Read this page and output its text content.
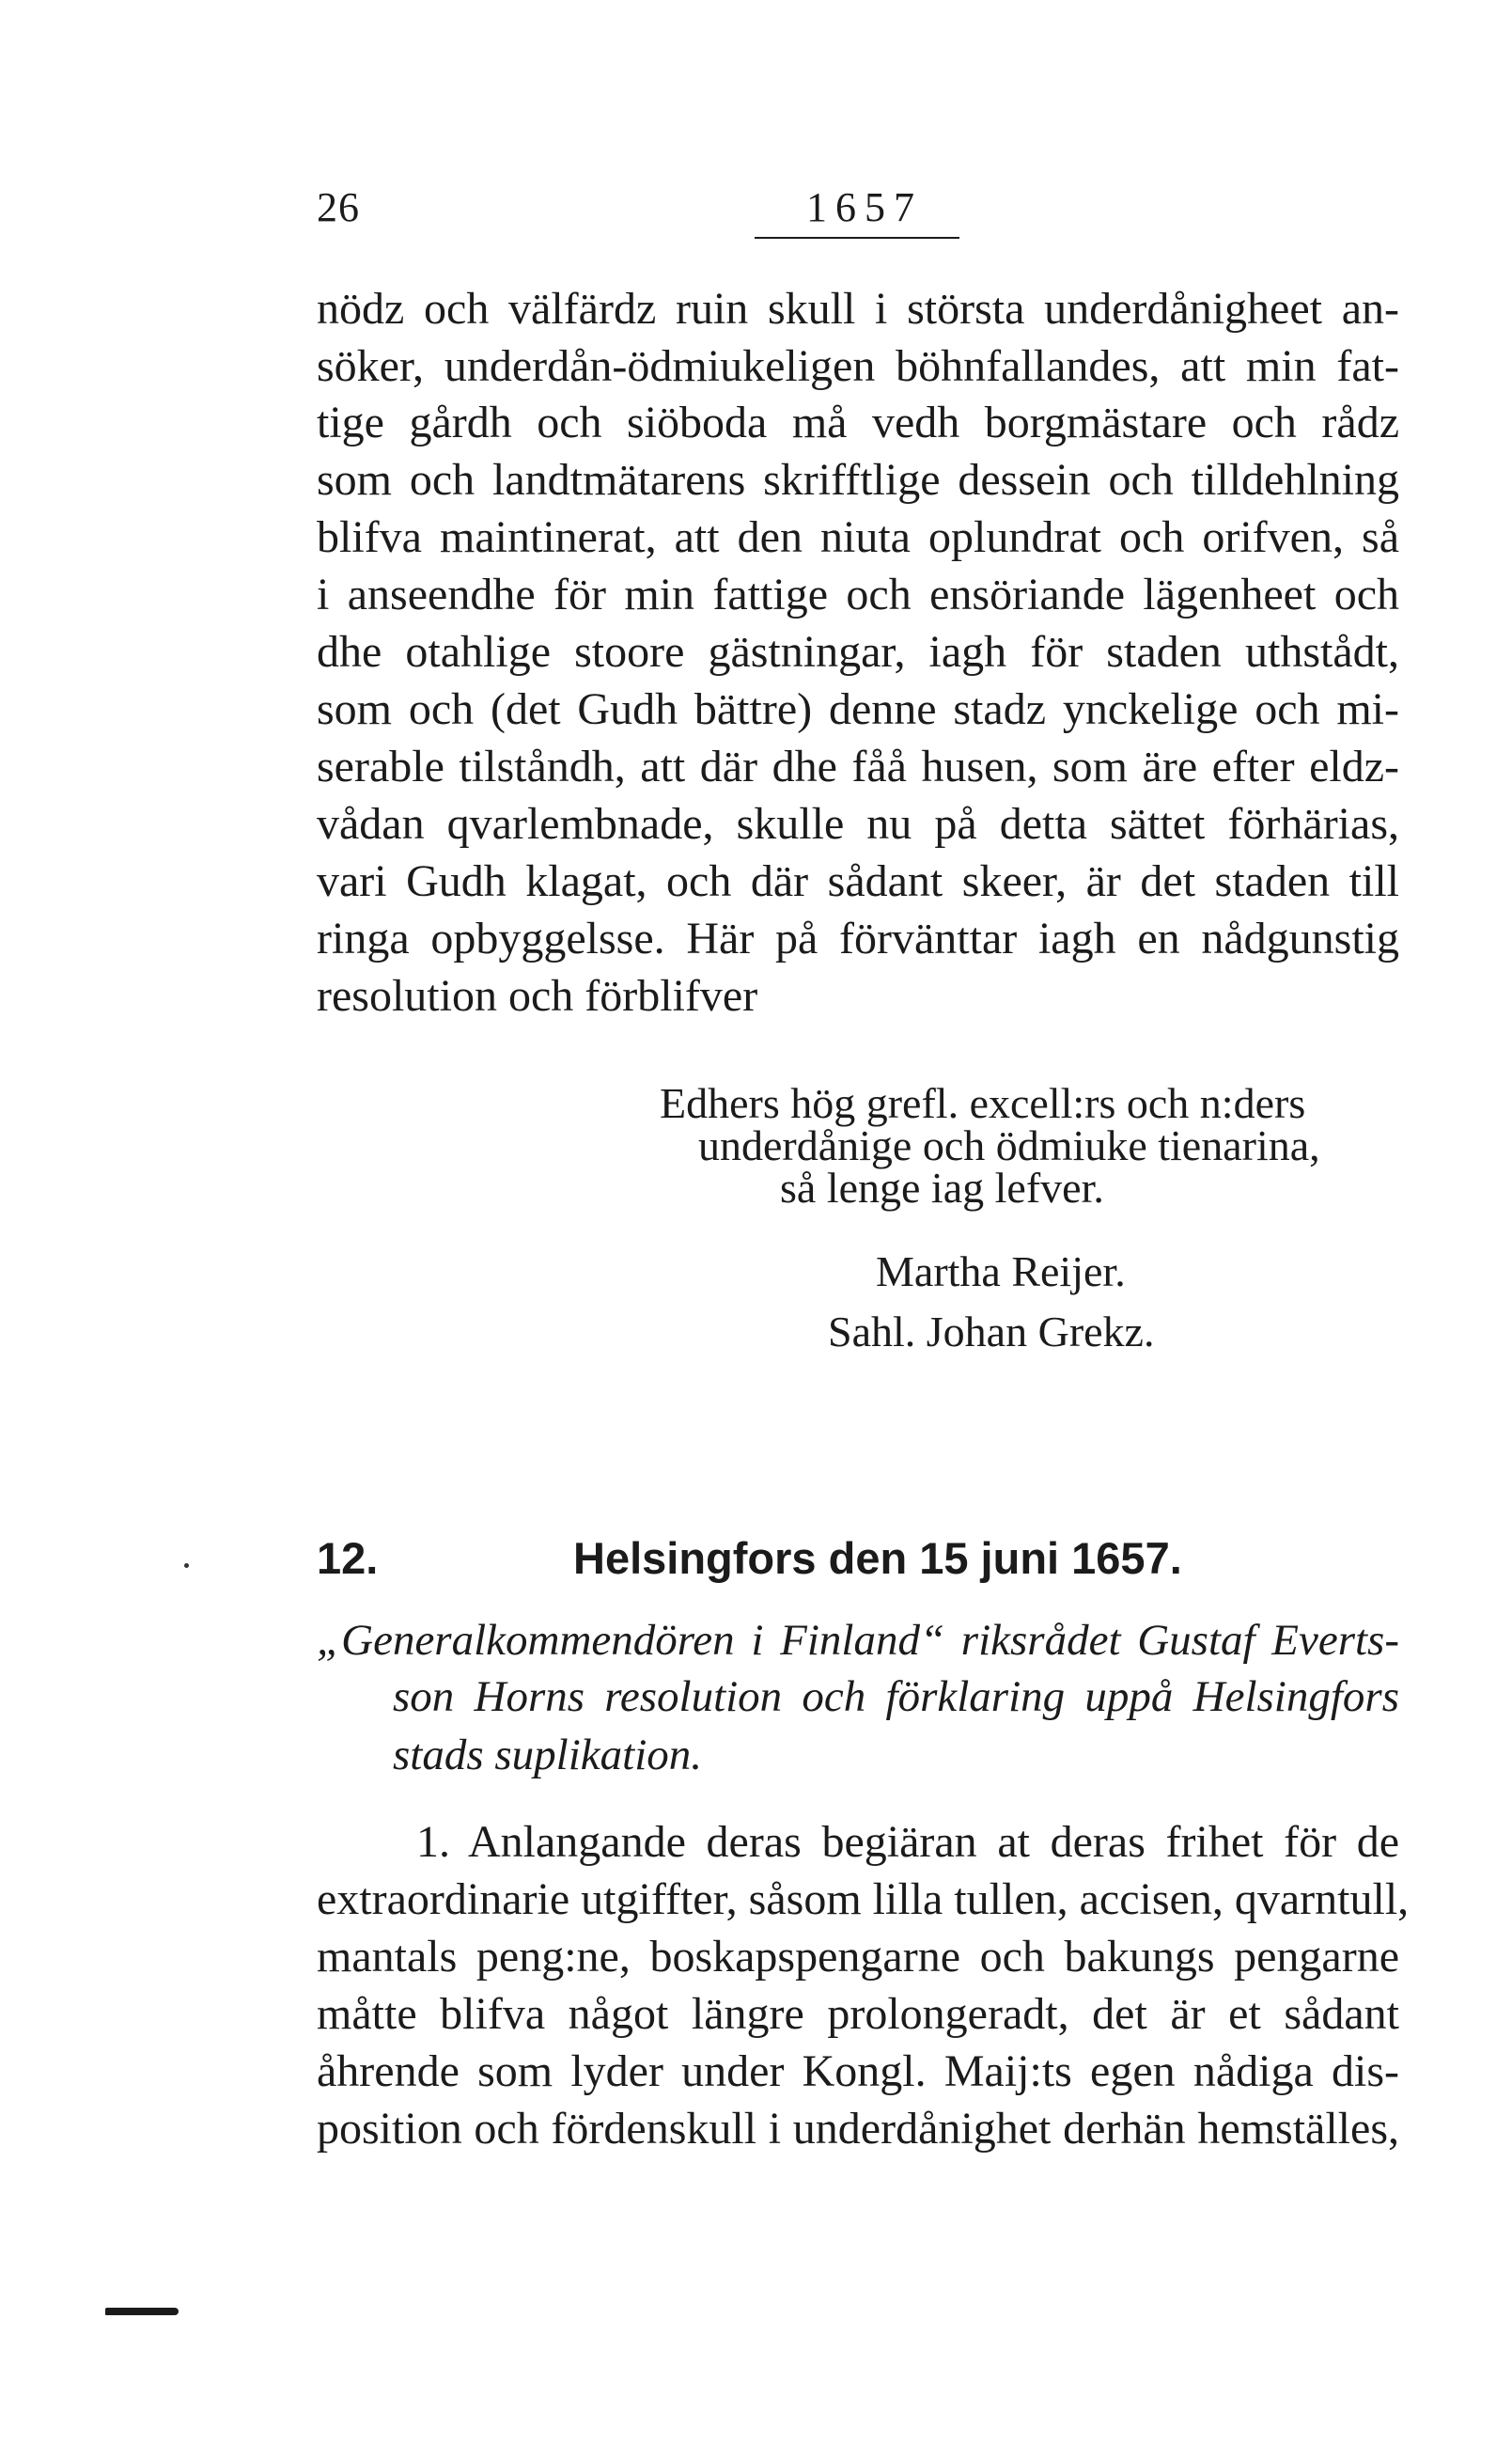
26	1657
nödz och välfärdz ruin skull i största underdånigheet an-
söker, underdån-ödmiukeligen böhnfallandes, att min fat-
tige gårdh och siöboda må vedh borgmästare och rådz
som och landtmätarens skrifftlige dessein och tilldehlning
blifva maintinerat, att den niuta oplundrat och orifven, så
i anseendhe för min fattige och ensöriande lägenheet och
dhe otahlige stoore gästningar, iagh för staden uthstådt,
som och (det Gudh bättre) denne stadz ynckelige och mi-
serable tilståndh, att där dhe fåå husen, som äre efter eldz-
vådan qvarlembnade, skulle nu på detta sättet förhärias,
vari Gudh klagat, och där sådant skeer, är det staden till
ringa opbyggelsse. Här på förvänttar iagh en nådgunstig
resolution och förblifver
Edhers hög grefl. excell:rs och n:ders
underdånige och ödmiuke tienarina,
så lenge iag lefver.
Martha Reijer.
Sahl. Johan Grekz.
12.	Helsingfors den 15 juni 1657.
„Generalkommendören i Finland“ riksrådet Gustaf Everts-
son Horns resolution och förklaring uppå Helsingfors
stads suplikation.
1. Anlangande deras begiäran at deras frihet för de
extraordinarie utgiffter, såsom lilla tullen, accisen, qvarntull,
mantals peng:ne, boskapspengarne och bakungs pengarne
måtte blifva något längre prolongeradt, det är et sådant
åhrende som lyder under Kongl. Maij:ts egen nådiga dis-
position och fördenskull i underdånighet derhän hemställes,
